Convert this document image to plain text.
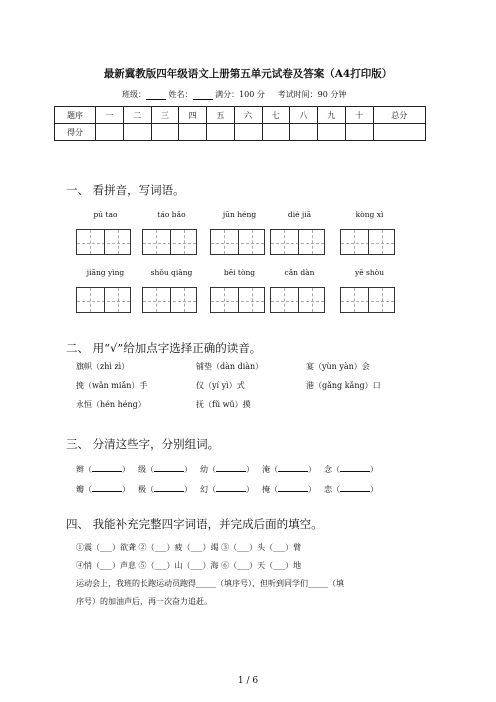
最新冀教版四年级语文上册第五单元试卷及答案（A4打印版）
班级：	姓名：	满分：100 分 考试时间：90 分钟
题序	一	二	三	四	五	六	七	八	九	十	总分
得分											
一、 看拼音，写词语。
pú tao	táo bǎo	jūn héng	dié jiā	kòng xì
jiāng yìng	shǒu qiāng	bēi tòng	cǎn dàn	yě shòu
二、 用“√”给加点字选择正确的读音。
旗帜（zhì zì）	铺垫（dàn diàn）	宴（yùn yàn）会
挽（wǎn miǎn）手	仪（yí yì）式	港（gǎng kǎng）口
永恒（hén héng）	抚（fǔ wǔ）摸
三、 分清这些字，分别组词。
辫（	） 级（	） 幼（	） 淹（	） 念（	）
瓣（	） 极（	） 幻（	） 掩（	） 恋（	）
四、 我能补充完整四字词语，并完成后面的填空。
①震（___）欲聋 ②（___）疲（___）竭 ③（___）头（___）臂
④悄（___）声息 ⑤（___）山（___）海 ⑥（___）天（___）地
运动会上，我班的长跑运动员跑得_____（填序号），但听到同学们_____（填
序号）的加油声后，再一次奋力追赶。
1 / 6
